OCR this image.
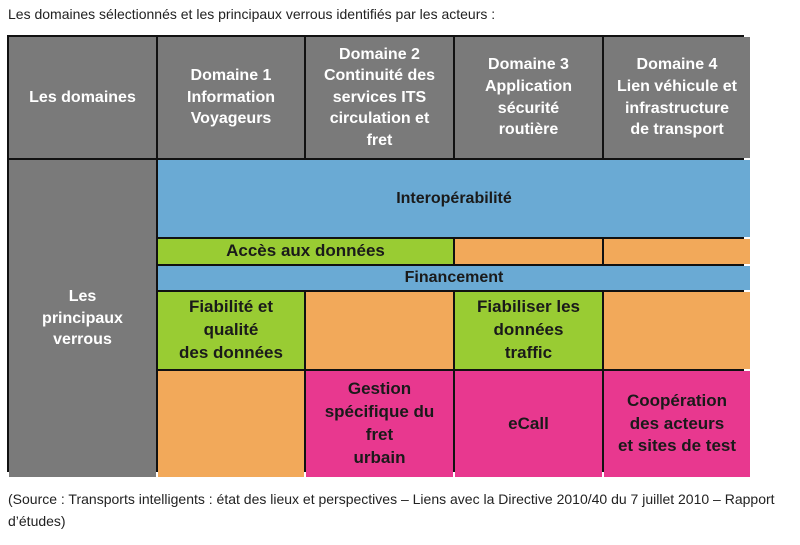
Les domaines sélectionnés et les principaux verrous identifiés par les acteurs :
Les domaines
Domaine 1
Information
Voyageurs
Domaine 2
Continuité des
services ITS
circulation et
fret
Domaine 3
Application
sécurité
routière
Domaine 4
Lien véhicule et
infrastructure
de transport
Les
principaux
verrous
Interopérabilité
Accès aux données
Financement
Fiabilité et
qualité
des données
Fiabiliser les
données
traffic
Gestion
spécifique du
fret
urbain
eCall
Coopération
des acteurs
et sites de test
(Source : Transports intelligents : état des lieux et perspectives – Liens avec la Directive 2010/40 du 7 juillet 2010 – Rapport d’études)
